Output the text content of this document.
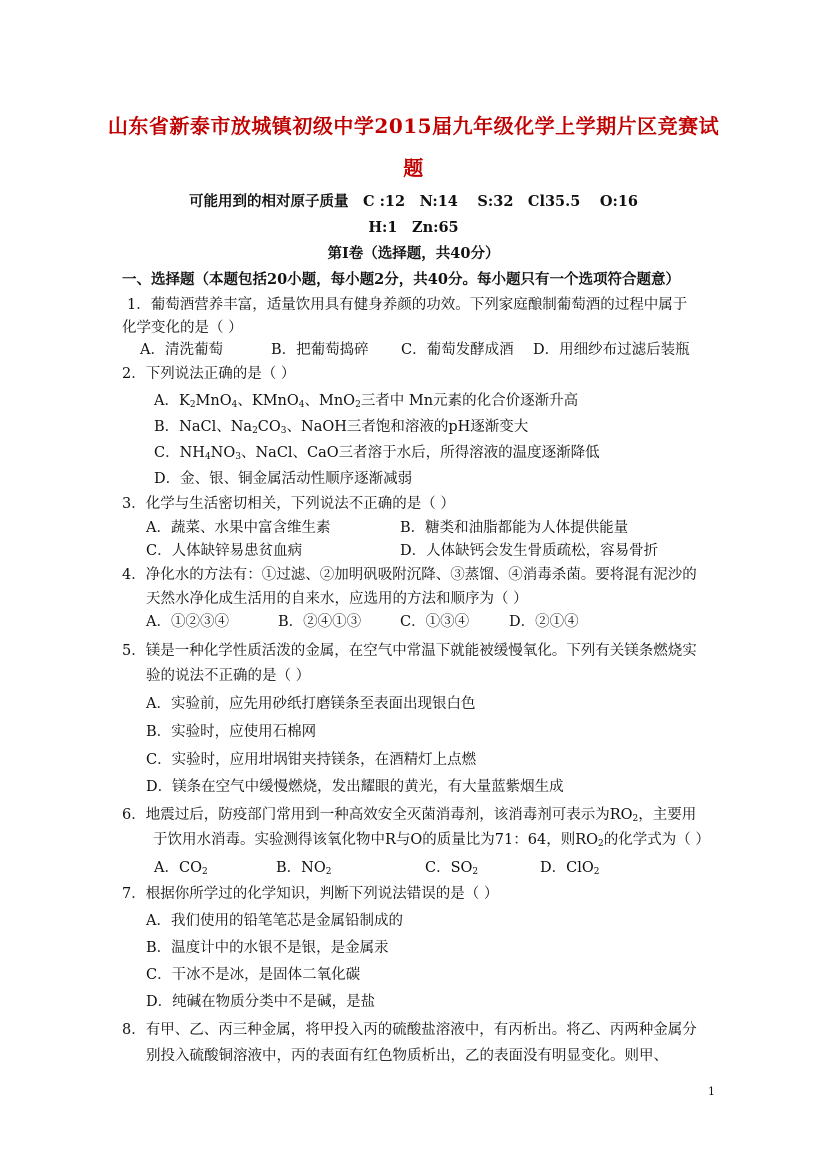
山东省新泰市放城镇初级中学2015届九年级化学上学期片区竞赛试
题
可能用到的相对原子质量　C :12　N:14　 S:32　Cl35.5　 O:16
H:1　Zn:65
第Ⅰ卷（选择题，共40分）
一、选择题（本题包括20小题，每小题2分，共40分。每小题只有一个选项符合题意）
1．葡萄酒营养丰富，适量饮用具有健身养颜的功效。下列家庭酿制葡萄酒的过程中属于
化学变化的是（ ）
A．清洗葡萄	B．把葡萄捣碎 C．葡萄发酵成酒 D．用细纱布过滤后装瓶
2．下列说法正确的是（ ）
A．$K_2MnO_4$、KMnO$_4$、MnO$_2$三者中 Mn元素的化合价逐渐升高
B．NaCl、$Na_2CO_3$、NaOH三者饱和溶液的pH逐渐变大
C．$NH_4NO_3$、NaCl、CaO三者溶于水后，所得溶液的温度逐渐降低
D．金、银、铜金属活动性顺序逐渐减弱
3．化学与生活密切相关，下列说法不正确的是（ ）
A．蔬菜、水果中富含维生素	B．糖类和油脂都能为人体提供能量
C．人体缺锌易患贫血病	D．人体缺钙会发生骨质疏松，容易骨折
4．净化水的方法有：①过滤、②加明矾吸附沉降、③蒸馏、④消毒杀菌。要将混有泥沙的
天然水净化成生活用的自来水，应选用的方法和顺序为（ ）
A．①②③④	B．②④①③	C．①③④	D．②①④
5．镁是一种化学性质活泼的金属，在空气中常温下就能被缓慢氧化。下列有关镁条燃烧实
验的说法不正确的是（ ）
A．实验前，应先用砂纸打磨镁条至表面出现银白色
B．实验时，应使用石棉网
C．实验时，应用坩埚钳夹持镁条，在酒精灯上点燃
D．镁条在空气中缓慢燃烧，发出耀眼的黄光，有大量蓝紫烟生成
6．地震过后，防疫部门常用到一种高效安全灭菌消毒剂，该消毒剂可表示为$RO_2$，主要用
于饮用水消毒。实验测得该氧化物中R与O的质量比为71：64，则$RO_2$的化学式为（ ）
A．$CO_2$	B．$NO_2$	C．$SO_2$	D．ClO$_2$
7．根据你所学过的化学知识，判断下列说法错误的是（ ）
A．我们使用的铅笔笔芯是金属铅制成的
B．温度计中的水银不是银，是金属汞
C．干冰不是冰，是固体二氧化碳
D．纯碱在物质分类中不是碱，是盐
8．有甲、乙、丙三种金属，将甲投入丙的硫酸盐溶液中，有丙析出。将乙、丙两种金属分
别投入硫酸铜溶液中，丙的表面有红色物质析出，乙的表面没有明显变化。则甲、
1
